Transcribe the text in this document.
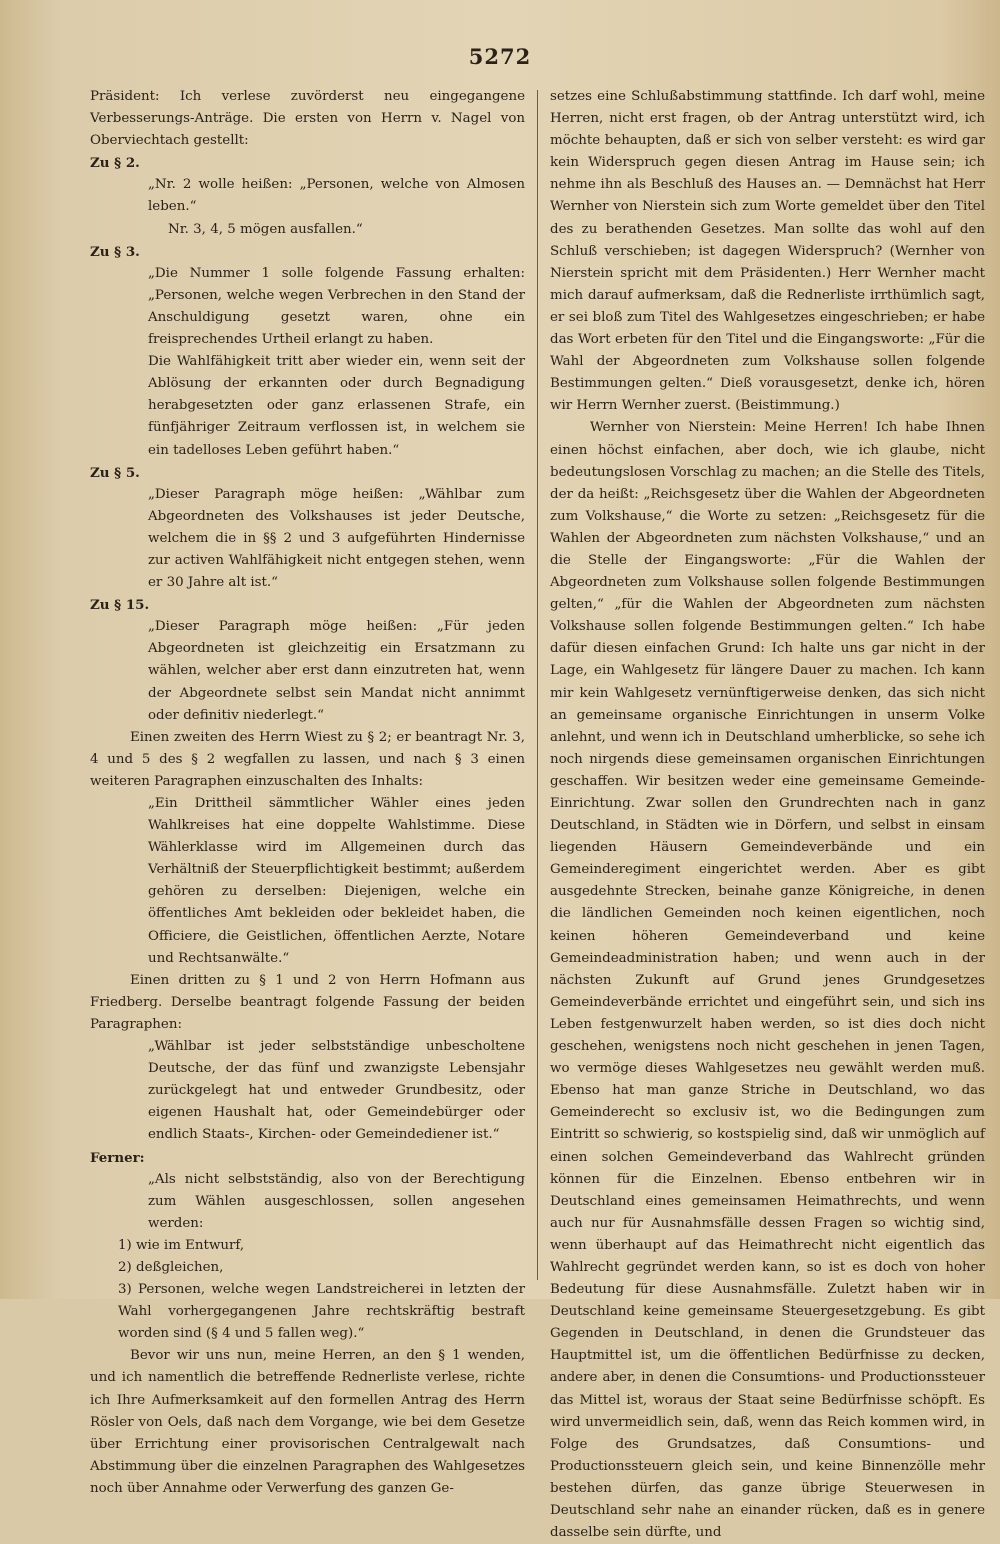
5272

Präsident: Ich verlese zuvörderst neu eingegangene Verbesserungs-Anträge. Die ersten von Herrn v. Nagel von Oberviechtach gestellt:

Zu § 2.

„Nr. 2 wolle heißen: „Personen, welche von Almosen leben.“

Nr. 3, 4, 5 mögen ausfallen.“

Zu § 3.

„Die Nummer 1 solle folgende Fassung erhalten: „Personen, welche wegen Verbrechen in den Stand der Anschuldigung gesetzt waren, ohne ein freisprechendes Urtheil erlangt zu haben.

Die Wahlfähigkeit tritt aber wieder ein, wenn seit der Ablösung der erkannten oder durch Begnadigung herabgesetzten oder ganz erlassenen Strafe, ein fünfjähriger Zeitraum verflossen ist, in welchem sie ein tadelloses Leben geführt haben.“

Zu § 5.

„Dieser Paragraph möge heißen: „Wählbar zum Abgeordneten des Volkshauses ist jeder Deutsche, welchem die in §§ 2 und 3 aufgeführten Hindernisse zur activen Wahlfähigkeit nicht entgegen stehen, wenn er 30 Jahre alt ist.“

Zu § 15.

„Dieser Paragraph möge heißen: „Für jeden Abgeordneten ist gleichzeitig ein Ersatzmann zu wählen, welcher aber erst dann einzutreten hat, wenn der Abgeordnete selbst sein Mandat nicht annimmt oder definitiv niederlegt.“

Einen zweiten des Herrn Wiest zu § 2; er beantragt Nr. 3, 4 und 5 des § 2 wegfallen zu lassen, und nach § 3 einen weiteren Paragraphen einzuschalten des Inhalts:

„Ein Drittheil sämmtlicher Wähler eines jeden Wahlkreises hat eine doppelte Wahlstimme. Diese Wählerklasse wird im Allgemeinen durch das Verhältniß der Steuerpflichtigkeit bestimmt; außerdem gehören zu derselben: Diejenigen, welche ein öffentliches Amt bekleiden oder bekleidet haben, die Officiere, die Geistlichen, öffentlichen Aerzte, Notare und Rechtsanwälte.“

Einen dritten zu § 1 und 2 von Herrn Hofmann aus Friedberg. Derselbe beantragt folgende Fassung der beiden Paragraphen:

„Wählbar ist jeder selbstständige unbescholtene Deutsche, der das fünf und zwanzigste Lebensjahr zurückgelegt hat und entweder Grundbesitz, oder eigenen Haushalt hat, oder Gemeindebürger oder endlich Staats-, Kirchen- oder Gemeindediener ist.“

Ferner:

„Als nicht selbstständig, also von der Berechtigung zum Wählen ausgeschlossen, sollen angesehen werden:

1) wie im Entwurf,

2) deßgleichen,

3) Personen, welche wegen Landstreicherei in letzten der Wahl vorhergegangenen Jahre rechtskräftig bestraft worden sind (§ 4 und 5 fallen weg).“

Bevor wir uns nun, meine Herren, an den § 1 wenden, und ich namentlich die betreffende Rednerliste verlese, richte ich Ihre Aufmerksamkeit auf den formellen Antrag des Herrn Rösler von Oels, daß nach dem Vorgange, wie bei dem Gesetze über Errichtung einer provisorischen Centralgewalt nach Abstimmung über die einzelnen Paragraphen des Wahlgesetzes noch über Annahme oder Verwerfung des ganzen Ge-

setzes eine Schlußabstimmung stattfinde. Ich darf wohl, meine Herren, nicht erst fragen, ob der Antrag unterstützt wird, ich möchte behaupten, daß er sich von selber versteht: es wird gar kein Widerspruch gegen diesen Antrag im Hause sein; ich nehme ihn als Beschluß des Hauses an. — Demnächst hat Herr Wernher von Nierstein sich zum Worte gemeldet über den Titel des zu berathenden Gesetzes. Man sollte das wohl auf den Schluß verschieben; ist dagegen Widerspruch? (Wernher von Nierstein spricht mit dem Präsidenten.) Herr Wernher macht mich darauf aufmerksam, daß die Rednerliste irrthümlich sagt, er sei bloß zum Titel des Wahlgesetzes eingeschrieben; er habe das Wort erbeten für den Titel und die Eingangsworte: „Für die Wahl der Abgeordneten zum Volkshause sollen folgende Bestimmungen gelten.“ Dieß vorausgesetzt, denke ich, hören wir Herrn Wernher zuerst. (Beistimmung.)

Wernher von Nierstein: Meine Herren! Ich habe Ihnen einen höchst einfachen, aber doch, wie ich glaube, nicht bedeutungslosen Vorschlag zu machen; an die Stelle des Titels, der da heißt: „Reichsgesetz über die Wahlen der Abgeordneten zum Volkshause,“ die Worte zu setzen: „Reichsgesetz für die Wahlen der Abgeordneten zum nächsten Volkshause,“ und an die Stelle der Eingangsworte: „Für die Wahlen der Abgeordneten zum Volkshause sollen folgende Bestimmungen gelten,“ „für die Wahlen der Abgeordneten zum nächsten Volkshause sollen folgende Bestimmungen gelten.“ Ich habe dafür diesen einfachen Grund: Ich halte uns gar nicht in der Lage, ein Wahlgesetz für längere Dauer zu machen. Ich kann mir kein Wahlgesetz vernünftigerweise denken, das sich nicht an gemeinsame organische Einrichtungen in unserm Volke anlehnt, und wenn ich in Deutschland umherblicke, so sehe ich noch nirgends diese gemeinsamen organischen Einrichtungen geschaffen. Wir besitzen weder eine gemeinsame Gemeinde-Einrichtung. Zwar sollen den Grundrechten nach in ganz Deutschland, in Städten wie in Dörfern, und selbst in einsam liegenden Häusern Gemeindeverbände und ein Gemeinderegiment eingerichtet werden. Aber es gibt ausgedehnte Strecken, beinahe ganze Königreiche, in denen die ländlichen Gemeinden noch keinen eigentlichen, noch keinen höheren Gemeindeverband und keine Gemeindeadministration haben; und wenn auch in der nächsten Zukunft auf Grund jenes Grundgesetzes Gemeindeverbände errichtet und eingeführt sein, und sich ins Leben festgenwurzelt haben werden, so ist dies doch nicht geschehen, wenigstens noch nicht geschehen in jenen Tagen, wo vermöge dieses Wahlgesetzes neu gewählt werden muß. Ebenso hat man ganze Striche in Deutschland, wo das Gemeinderecht so exclusiv ist, wo die Bedingungen zum Eintritt so schwierig, so kostspielig sind, daß wir unmöglich auf einen solchen Gemeindeverband das Wahlrecht gründen können für die Einzelnen. Ebenso entbehren wir in Deutschland eines gemeinsamen Heimathrechts, und wenn auch nur für Ausnahmsfälle dessen Fragen so wichtig sind, wenn überhaupt auf das Heimathrecht nicht eigentlich das Wahlrecht gegründet werden kann, so ist es doch von hoher Bedeutung für diese Ausnahmsfälle. Zuletzt haben wir in Deutschland keine gemeinsame Steuergesetzgebung. Es gibt Gegenden in Deutschland, in denen die Grundsteuer das Hauptmittel ist, um die öffentlichen Bedürfnisse zu decken, andere aber, in denen die Consumtions- und Productionssteuer das Mittel ist, woraus der Staat seine Bedürfnisse schöpft. Es wird unvermeidlich sein, daß, wenn das Reich kommen wird, in Folge des Grundsatzes, daß Consumtions- und Productionssteuern gleich sein, und keine Binnenzölle mehr bestehen dürfen, das ganze übrige Steuerwesen in Deutschland sehr nahe an einander rücken, daß es in genere dasselbe sein dürfte, und
